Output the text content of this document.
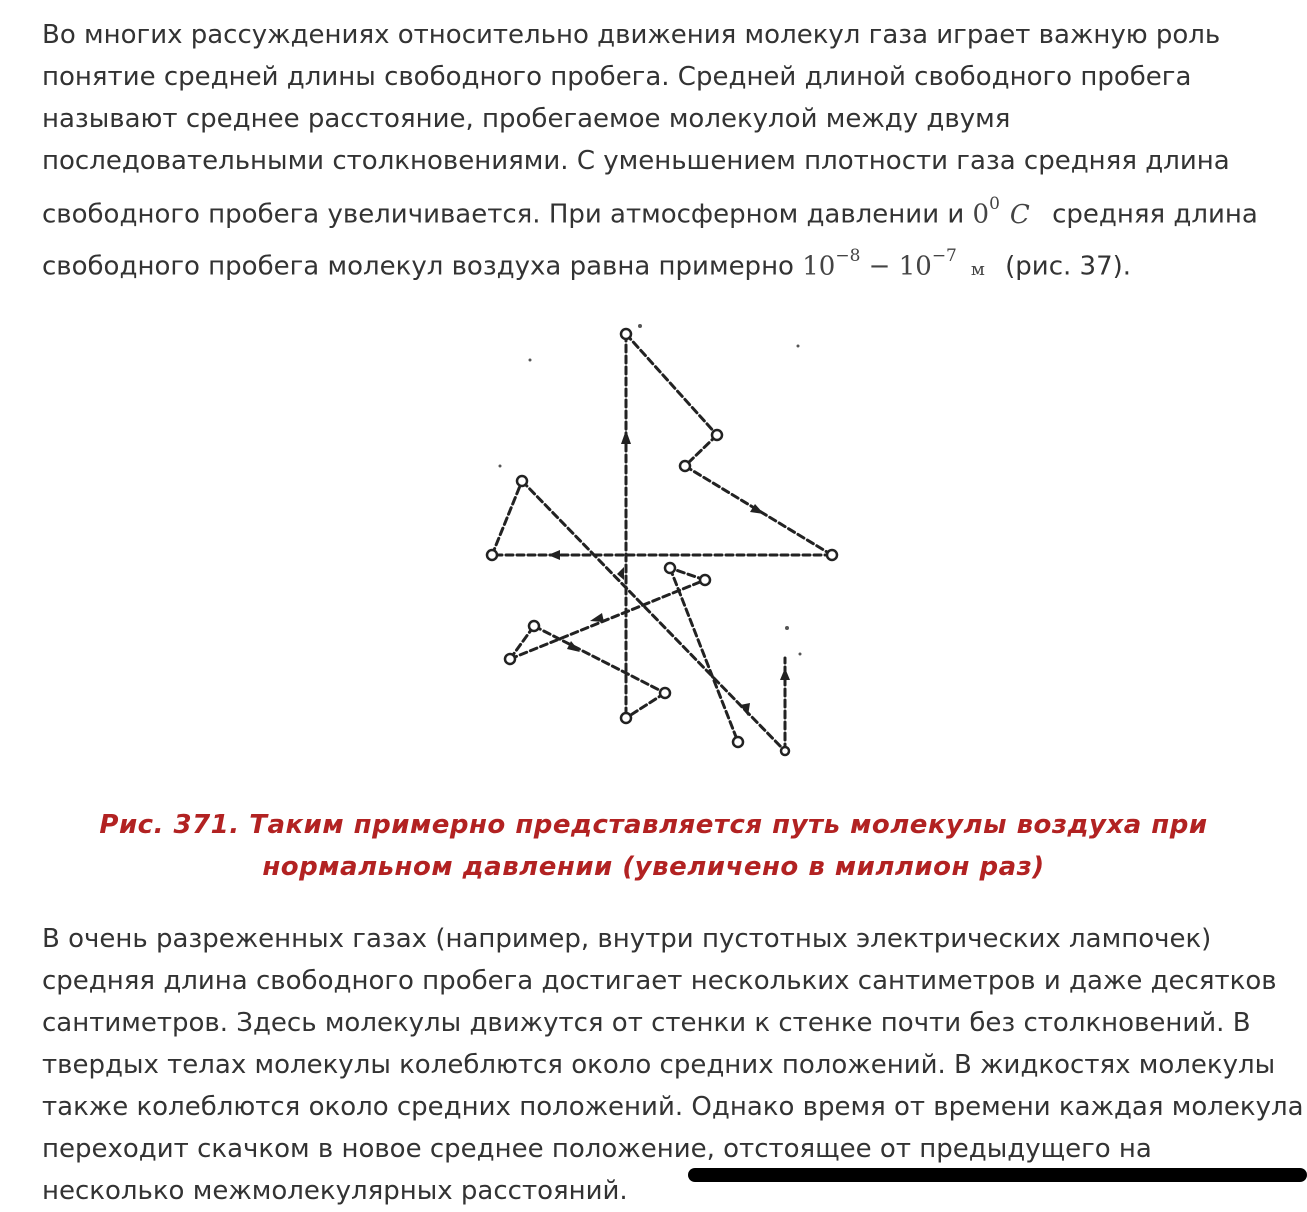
Во многих рассуждениях относительно движения молекул газа играет важную роль
понятие средней длины свободного пробега. Средней длиной свободного пробега
называют среднее расстояние, пробегаемое молекулой между двумя
последовательными столкновениями. С уменьшением плотности газа средняя длина
свободного пробега увеличивается. При атмосферном давлении и $0^0$ C средняя длина
свободного пробега молекул воздуха равна примерно $10^{-8} - 10^{-7}м$ (рис. 37).
Рис. 371. Таким примерно представляется путь молекулы воздуха при
нормальном давлении (увеличено в миллион раз)
В очень разреженных газах (например, внутри пустотных электрических лампочек)
средняя длина свободного пробега достигает нескольких сантиметров и даже десятков
сантиметров. Здесь молекулы движутся от стенки к стенке почти без столкновений. В
твердых телах молекулы колеблются около средних положений. В жидкостях молекулы
также колеблются около средних положений. Однако время от времени каждая молекула
переходит скачком в новое среднее положение, отстоящее от предыдущего на
несколько межмолекулярных расстояний.
